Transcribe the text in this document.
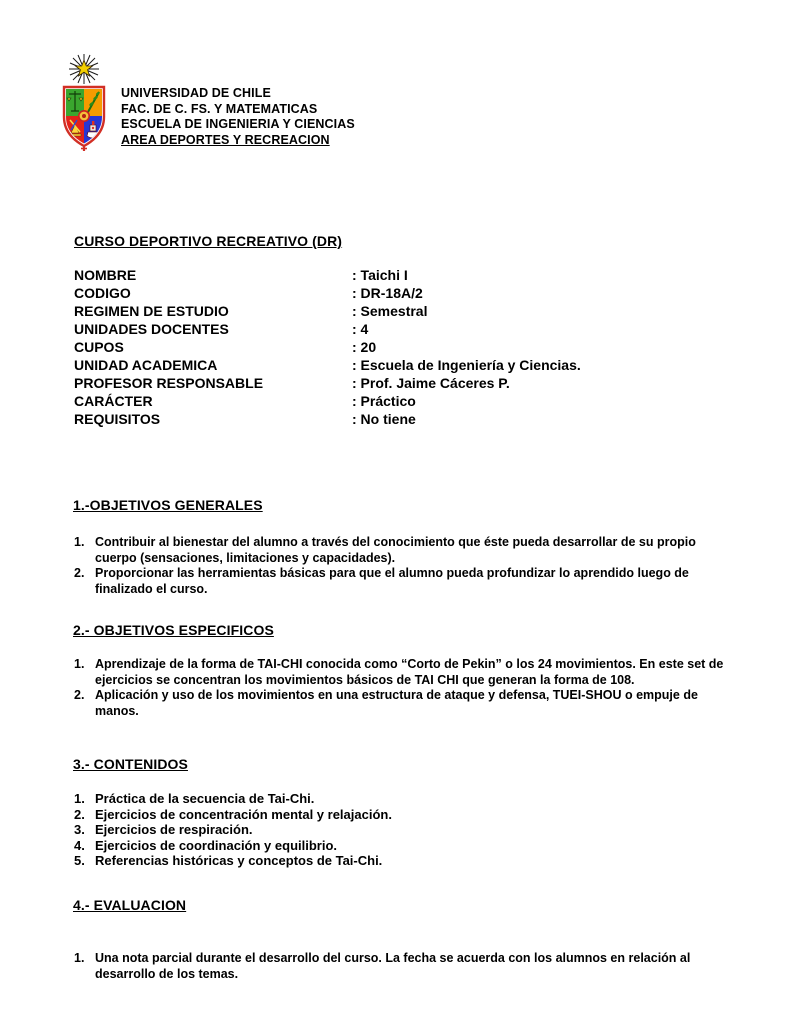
UNIVERSIDAD DE CHILE
FAC. DE C. FS. Y MATEMATICAS
ESCUELA DE INGENIERIA Y CIENCIAS
AREA DEPORTES Y RECREACION
CURSO DEPORTIVO RECREATIVO (DR)
NOMBRE	: Taichi I
CODIGO	: DR-18A/2
REGIMEN DE ESTUDIO	: Semestral
UNIDADES DOCENTES	: 4
CUPOS	: 20
UNIDAD ACADEMICA	: Escuela de Ingeniería y Ciencias.
PROFESOR RESPONSABLE	: Prof. Jaime Cáceres P.
CARÁCTER	: Práctico
REQUISITOS	: No tiene
1.-OBJETIVOS GENERALES
1. Contribuir al bienestar del alumno a través del conocimiento que éste pueda desarrollar de su propio cuerpo (sensaciones, limitaciones y capacidades).
2. Proporcionar las herramientas básicas para que el alumno pueda profundizar lo aprendido luego de finalizado el curso.
2.- OBJETIVOS ESPECIFICOS
1. Aprendizaje de la forma de TAI-CHI conocida como “Corto de Pekin” o los 24 movimientos. En este set de ejercicios se concentran los movimientos básicos de TAI CHI que generan la forma de 108.
2. Aplicación y uso de los movimientos en una estructura de ataque y defensa, TUEI-SHOU o empuje de manos.
3.- CONTENIDOS
1. Práctica de la secuencia de Tai-Chi.
2. Ejercicios de concentración mental y relajación.
3. Ejercicios de respiración.
4. Ejercicios de coordinación y equilibrio.
5. Referencias históricas y conceptos de Tai-Chi.
4.- EVALUACION
1. Una nota parcial durante el desarrollo del curso. La fecha se acuerda con los alumnos en relación al desarrollo de los temas.
